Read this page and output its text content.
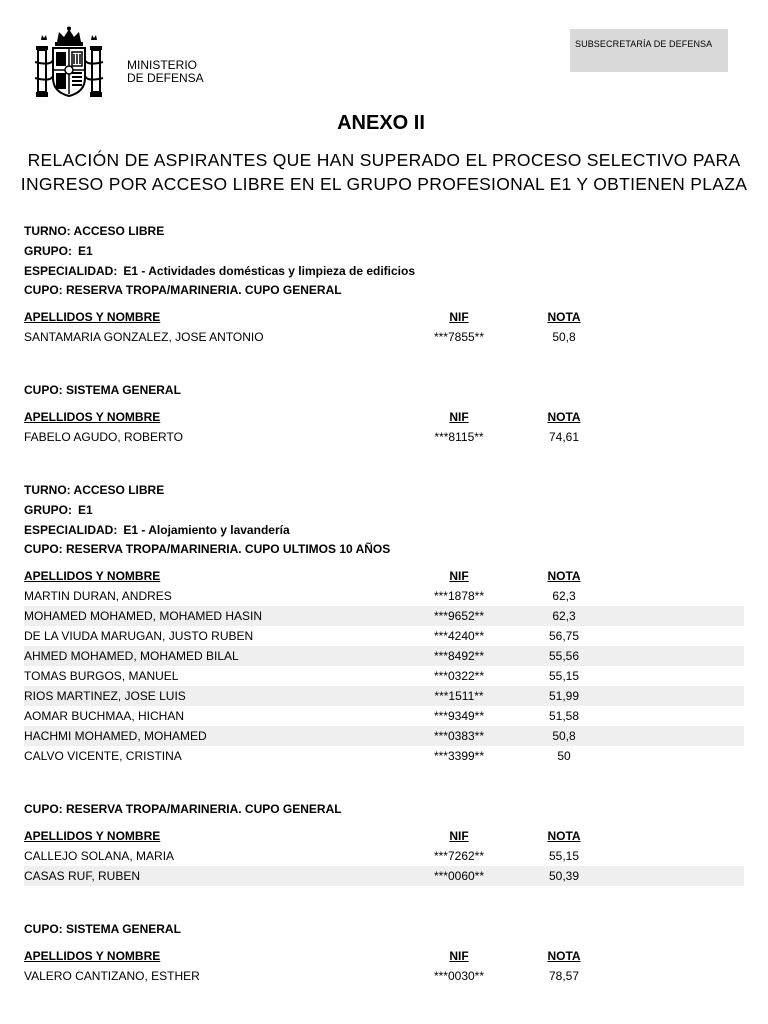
MINISTERIO
DE DEFENSA
SUBSECRETARÍA DE DEFENSA
ANEXO II
RELACIÓN DE ASPIRANTES QUE HAN SUPERADO EL PROCESO SELECTIVO PARA
INGRESO POR ACCESO LIBRE EN EL GRUPO PROFESIONAL E1 Y OBTIENEN PLAZA
TURNO: ACCESO LIBRE
GRUPO: E1
ESPECIALIDAD: E1 - Actividades domésticas y limpieza de edificios
CUPO: RESERVA TROPA/MARINERIA. CUPO GENERAL
APELLIDOS Y NOMBRE	NIF	NOTA
SANTAMARIA GONZALEZ, JOSE ANTONIO	***7855**	50,8
CUPO: SISTEMA GENERAL
APELLIDOS Y NOMBRE	NIF	NOTA
FABELO AGUDO, ROBERTO	***8115**	74,61
TURNO: ACCESO LIBRE
GRUPO: E1
ESPECIALIDAD: E1 - Alojamiento y lavandería
CUPO: RESERVA TROPA/MARINERIA. CUPO ULTIMOS 10 AÑOS
APELLIDOS Y NOMBRE	NIF	NOTA
MARTIN DURAN, ANDRES	***1878**	62,3
MOHAMED MOHAMED, MOHAMED HASIN	***9652**	62,3
DE LA VIUDA MARUGAN, JUSTO RUBEN	***4240**	56,75
AHMED MOHAMED, MOHAMED BILAL	***8492**	55,56
TOMAS BURGOS, MANUEL	***0322**	55,15
RIOS MARTINEZ, JOSE LUIS	***1511**	51,99
AOMAR BUCHMAA, HICHAN	***9349**	51,58
HACHMI MOHAMED, MOHAMED	***0383**	50,8
CALVO VICENTE, CRISTINA	***3399**	50
CUPO: RESERVA TROPA/MARINERIA. CUPO GENERAL
APELLIDOS Y NOMBRE	NIF	NOTA
CALLEJO SOLANA, MARIA	***7262**	55,15
CASAS RUF, RUBEN	***0060**	50,39
CUPO: SISTEMA GENERAL
APELLIDOS Y NOMBRE	NIF	NOTA
VALERO CANTIZANO, ESTHER	***0030**	78,57
